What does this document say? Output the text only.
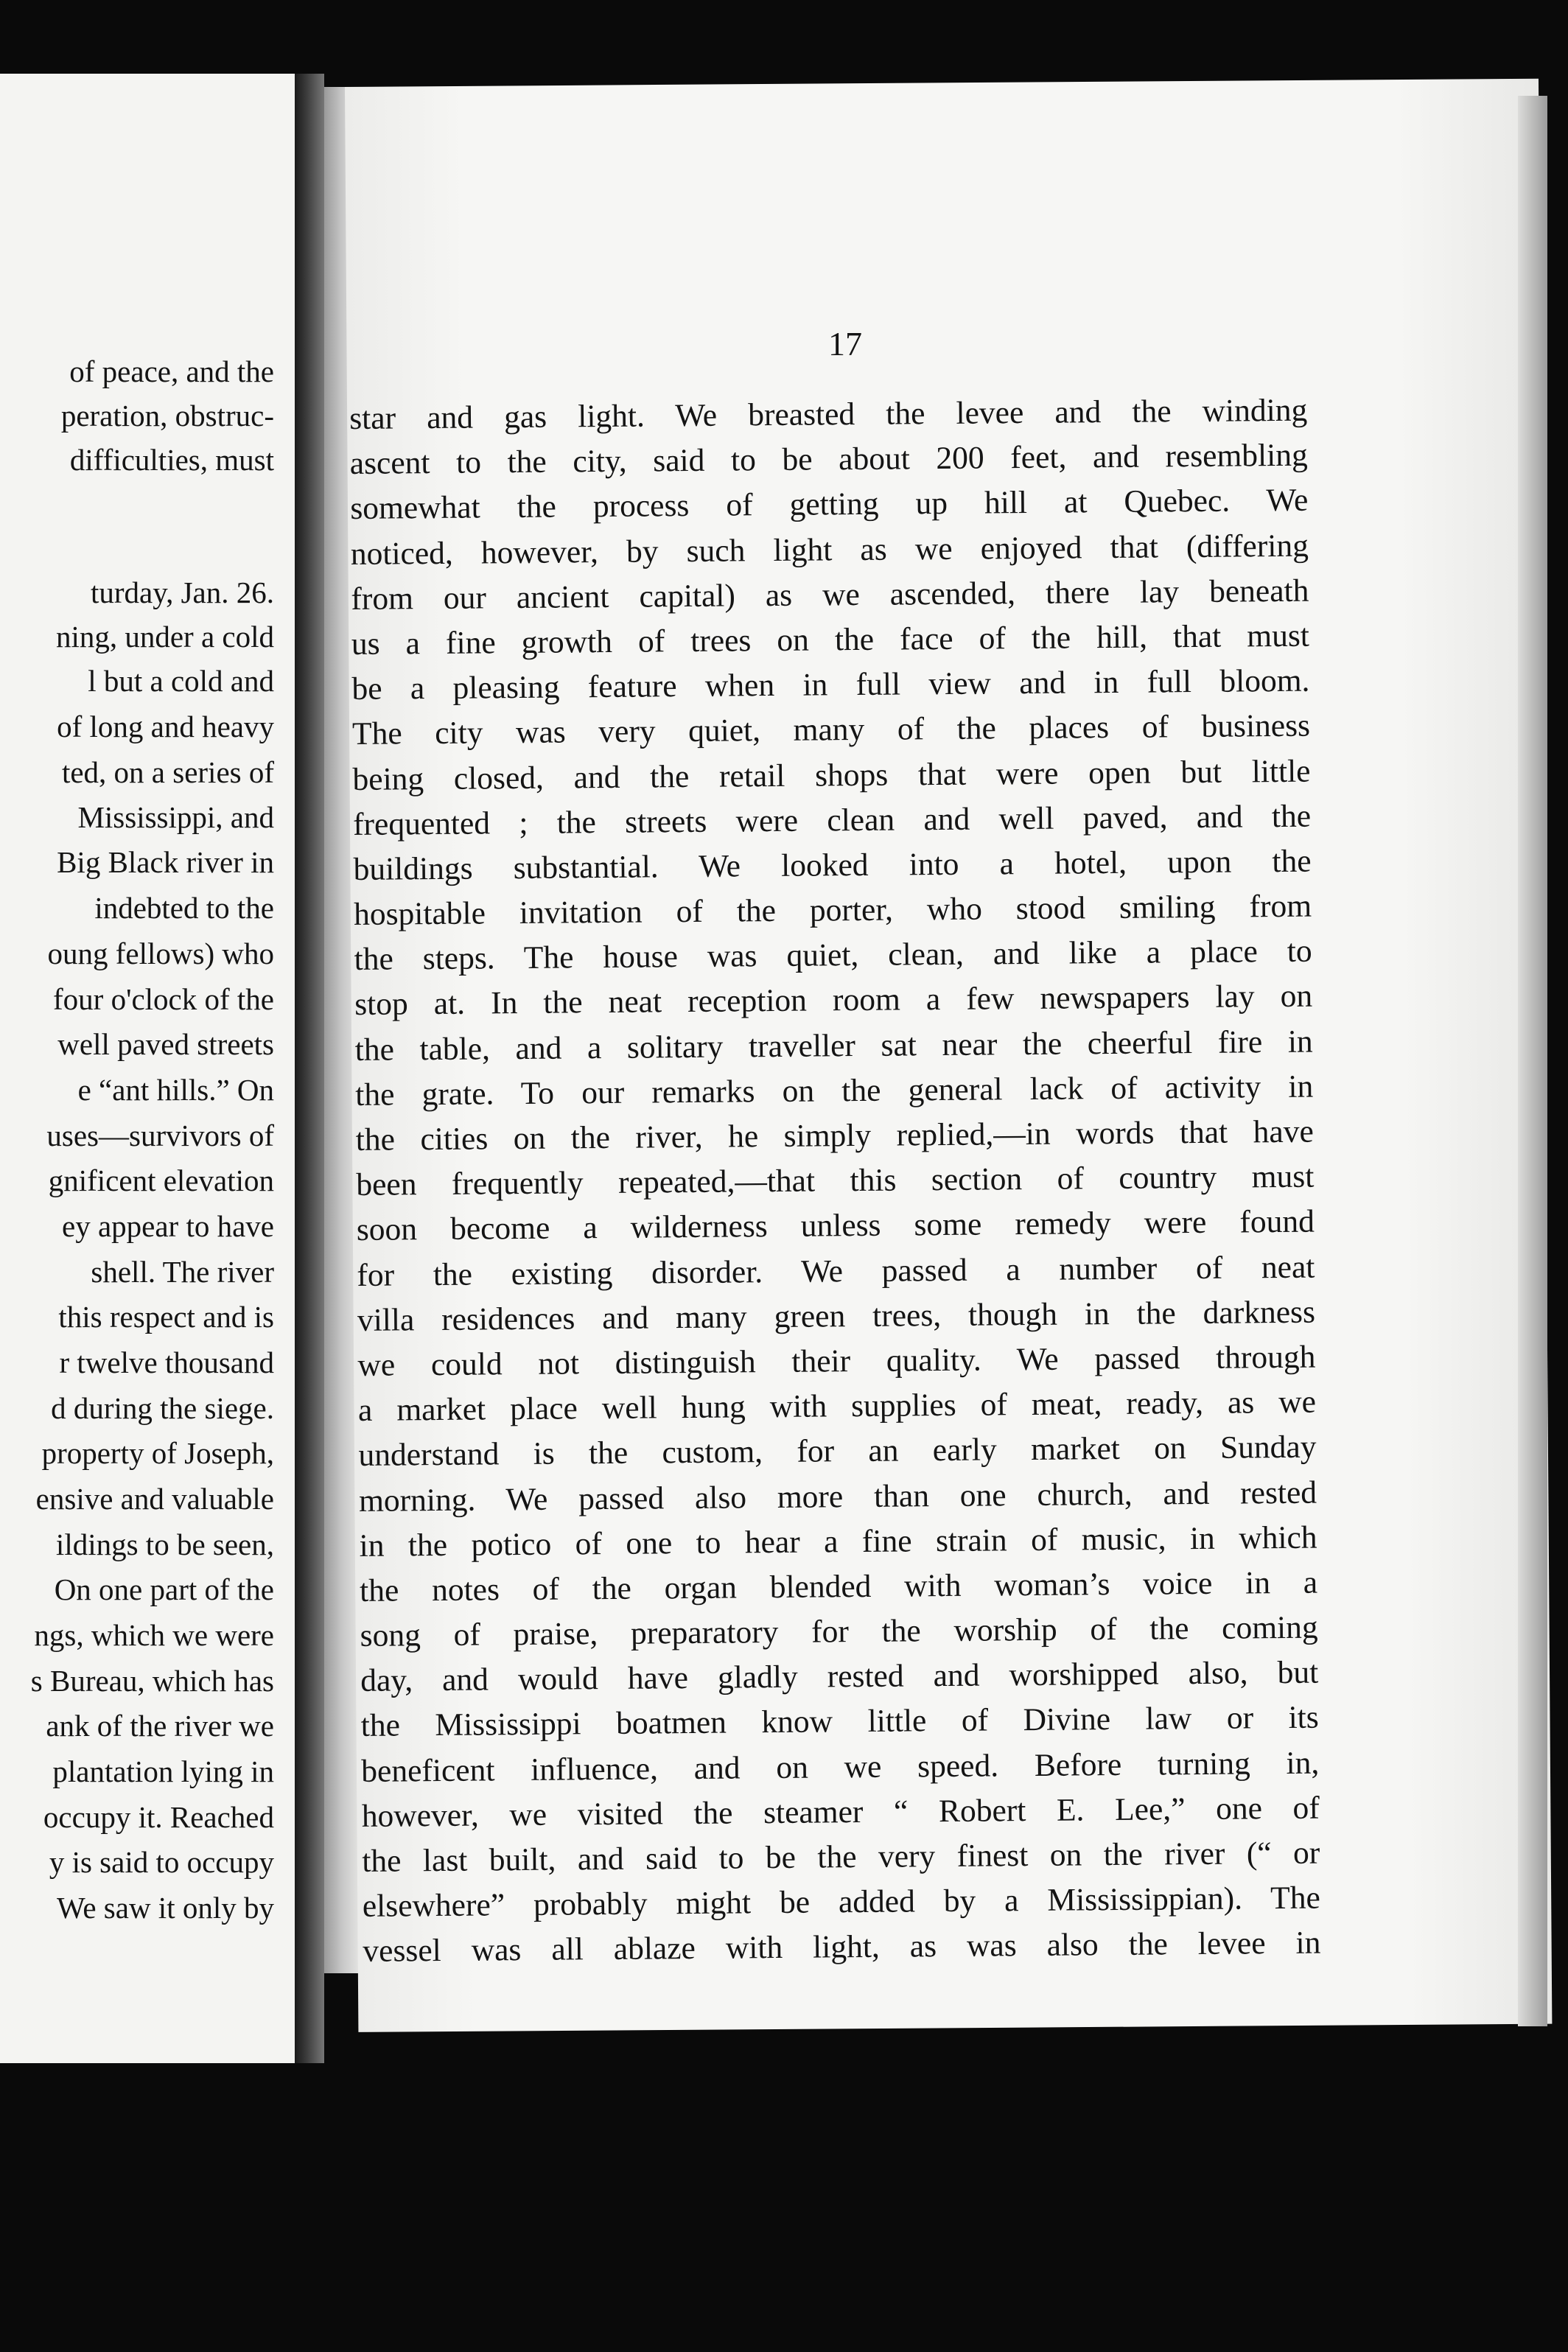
of peace, and the
peration, obstruc-
difficulties, must
turday, Jan. 26.
ning, under a cold
l but a cold and
of long and heavy
ted, on a series of
Mississippi, and
Big Black river in
indebted to the
oung fellows) who
four o'clock of the
well paved streets
e “ant hills.” On
uses—survivors of
gnificent elevation
ey appear to have
shell. The river
this respect and is
r twelve thousand
d during the siege.
property of Joseph,
ensive and valuable
ildings to be seen,
On one part of the
ngs, which we were
s Bureau, which has
ank of the river we
plantation lying in
occupy it. Reached
y is said to occupy
We saw it only by
17
star and gas light. We breasted the levee and the winding
ascent to the city, said to be about 200 feet, and resembling
somewhat the process of getting up hill at Quebec. We
noticed, however, by such light as we enjoyed that (differing
from our ancient capital) as we ascended, there lay beneath
us a fine growth of trees on the face of the hill, that must
be a pleasing feature when in full view and in full bloom.
The city was very quiet, many of the places of business
being closed, and the retail shops that were open but little
frequented ; the streets were clean and well paved, and the
buildings substantial. We looked into a hotel, upon the
hospitable invitation of the porter, who stood smiling from
the steps. The house was quiet, clean, and like a place to
stop at. In the neat reception room a few newspapers lay on
the table, and a solitary traveller sat near the cheerful fire in
the grate. To our remarks on the general lack of activity in
the cities on the river, he simply replied,—in words that have
been frequently repeated,—that this section of country must
soon become a wilderness unless some remedy were found
for the existing disorder. We passed a number of neat
villa residences and many green trees, though in the darkness
we could not distinguish their quality. We passed through
a market place well hung with supplies of meat, ready, as we
understand is the custom, for an early market on Sunday
morning. We passed also more than one church, and rested
in the potico of one to hear a fine strain of music, in which
the notes of the organ blended with woman’s voice in a
song of praise, preparatory for the worship of the coming
day, and would have gladly rested and worshipped also, but
the Mississippi boatmen know little of Divine law or its
beneficent influence, and on we speed. Before turning in,
however, we visited the steamer “ Robert E. Lee,” one of
the last built, and said to be the very finest on the river (“ or
elsewhere” probably might be added by a Mississippian). The
vessel was all ablaze with light, as was also the levee in
